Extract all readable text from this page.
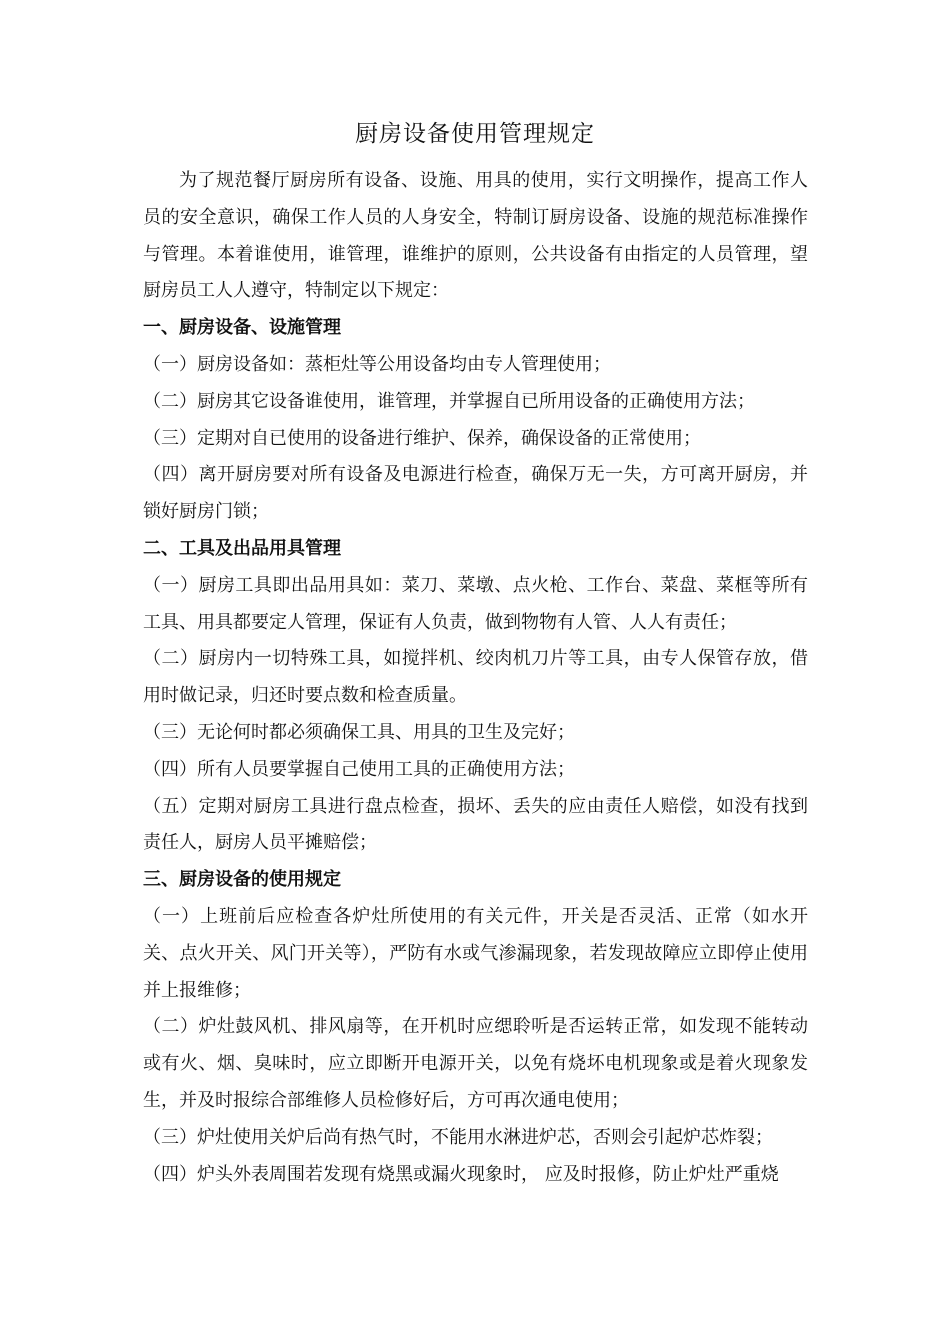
厨房设备使用管理规定

为了规范餐厅厨房所有设备、设施、用具的使用，实行文明操作，提高工作人员的安全意识，确保工作人员的人身安全，特制订厨房设备、设施的规范标准操作与管理。本着谁使用，谁管理，谁维护的原则，公共设备有由指定的人员管理，望厨房员工人人遵守，特制定以下规定：

一、厨房设备、设施管理

（一）厨房设备如：蒸柜灶等公用设备均由专人管理使用；

（二）厨房其它设备谁使用，谁管理，并掌握自已所用设备的正确使用方法；

（三）定期对自已使用的设备进行维护、保养，确保设备的正常使用；

（四）离开厨房要对所有设备及电源进行检查，确保万无一失，方可离开厨房，并锁好厨房门锁；

二、工具及出品用具管理

（一）厨房工具即出品用具如：菜刀、菜墩、点火枪、工作台、菜盘、菜框等所有工具、用具都要定人管理，保证有人负责，做到物物有人管、人人有责任；

（二）厨房内一切特殊工具，如搅拌机、绞肉机刀片等工具，由专人保管存放，借用时做记录，归还时要点数和检查质量。

（三）无论何时都必须确保工具、用具的卫生及完好；

（四）所有人员要掌握自己使用工具的正确使用方法；

（五）定期对厨房工具进行盘点检查，损坏、丢失的应由责任人赔偿，如没有找到责任人，厨房人员平摊赔偿；

三、厨房设备的使用规定

（一）上班前后应检查各炉灶所使用的有关元件，开关是否灵活、正常（如水开关、点火开关、风门开关等），严防有水或气渗漏现象，若发现故障应立即停止使用并上报维修；

（二）炉灶鼓风机、排风扇等，在开机时应缌聆听是否运转正常，如发现不能转动或有火、烟、臭味时，应立即断开电源开关，以免有烧坏电机现象或是着火现象发生，并及时报综合部维修人员检修好后，方可再次通电使用；

（三）炉灶使用关炉后尚有热气时，不能用水淋进炉芯，否则会引起炉芯炸裂；

（四）炉头外表周围若发现有烧黑或漏火现象时， 应及时报修，防止炉灶严重烧
